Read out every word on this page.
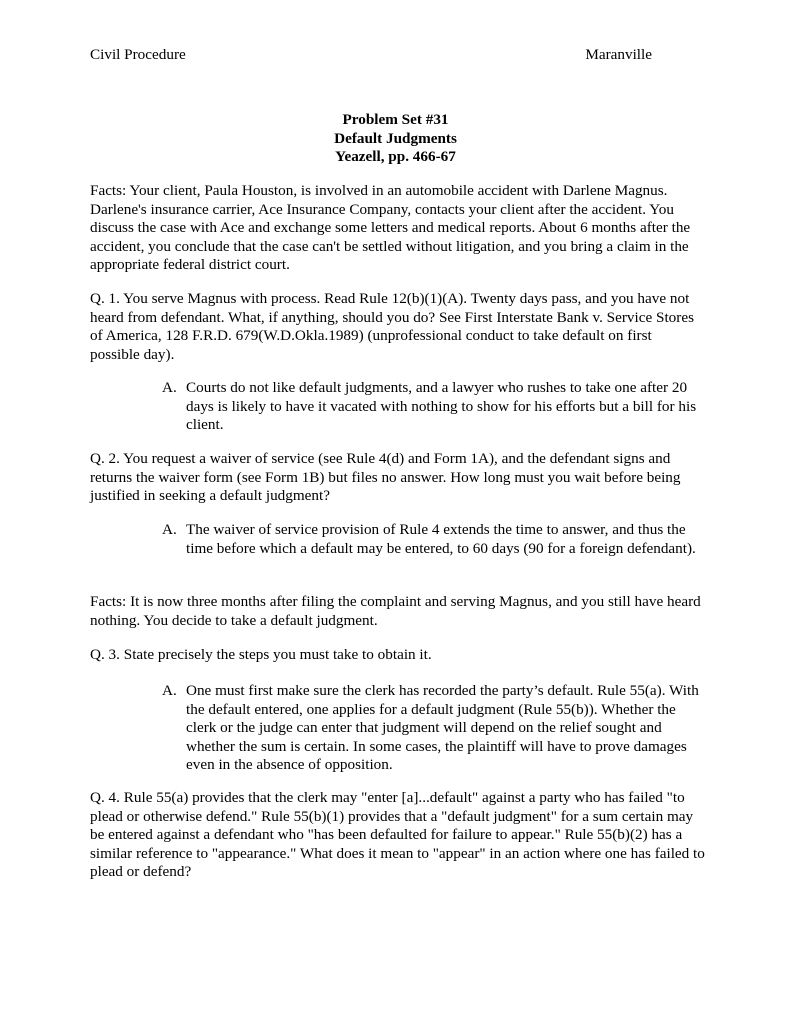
Civil Procedure	Maranville
Problem Set #31
Default Judgments
Yeazell, pp. 466-67

Facts: Your client, Paula Houston, is involved in an automobile accident with Darlene Magnus. Darlene's insurance carrier, Ace Insurance Company, contacts your client after the accident. You discuss the case with Ace and exchange some letters and medical reports. About 6 months after the accident, you conclude that the case can't be settled without litigation, and you bring a claim in the appropriate federal district court.

Q. 1. You serve Magnus with process. Read Rule 12(b)(1)(A). Twenty days pass, and you have not heard from defendant. What, if anything, should you do? See First Interstate Bank v. Service Stores of America, 128 F.R.D. 679(W.D.Okla.1989) (unprofessional conduct to take default on first possible day).

A. Courts do not like default judgments, and a lawyer who rushes to take one after 20 days is likely to have it vacated with nothing to show for his efforts but a bill for his client.

Q. 2. You request a waiver of service (see Rule 4(d) and Form 1A), and the defendant signs and returns the waiver form (see Form 1B) but files no answer. How long must you wait before being justified in seeking a default judgment?

A. The waiver of service provision of Rule 4 extends the time to answer, and thus the time before which a default may be entered, to 60 days (90 for a foreign defendant).

Facts: It is now three months after filing the complaint and serving Magnus, and you still have heard nothing. You decide to take a default judgment.

Q. 3. State precisely the steps you must take to obtain it.

A. One must first make sure the clerk has recorded the party’s default. Rule 55(a). With the default entered, one applies for a default judgment (Rule 55(b)). Whether the clerk or the judge can enter that judgment will depend on the relief sought and whether the sum is certain. In some cases, the plaintiff will have to prove damages even in the absence of opposition.

Q. 4. Rule 55(a) provides that the clerk may "enter [a]...default" against a party who has failed "to plead or otherwise defend." Rule 55(b)(1) provides that a "default judgment" for a sum certain may be entered against a defendant who "has been defaulted for failure to appear." Rule 55(b)(2) has a similar reference to "appearance." What does it mean to "appear" in an action where one has failed to plead or defend?
